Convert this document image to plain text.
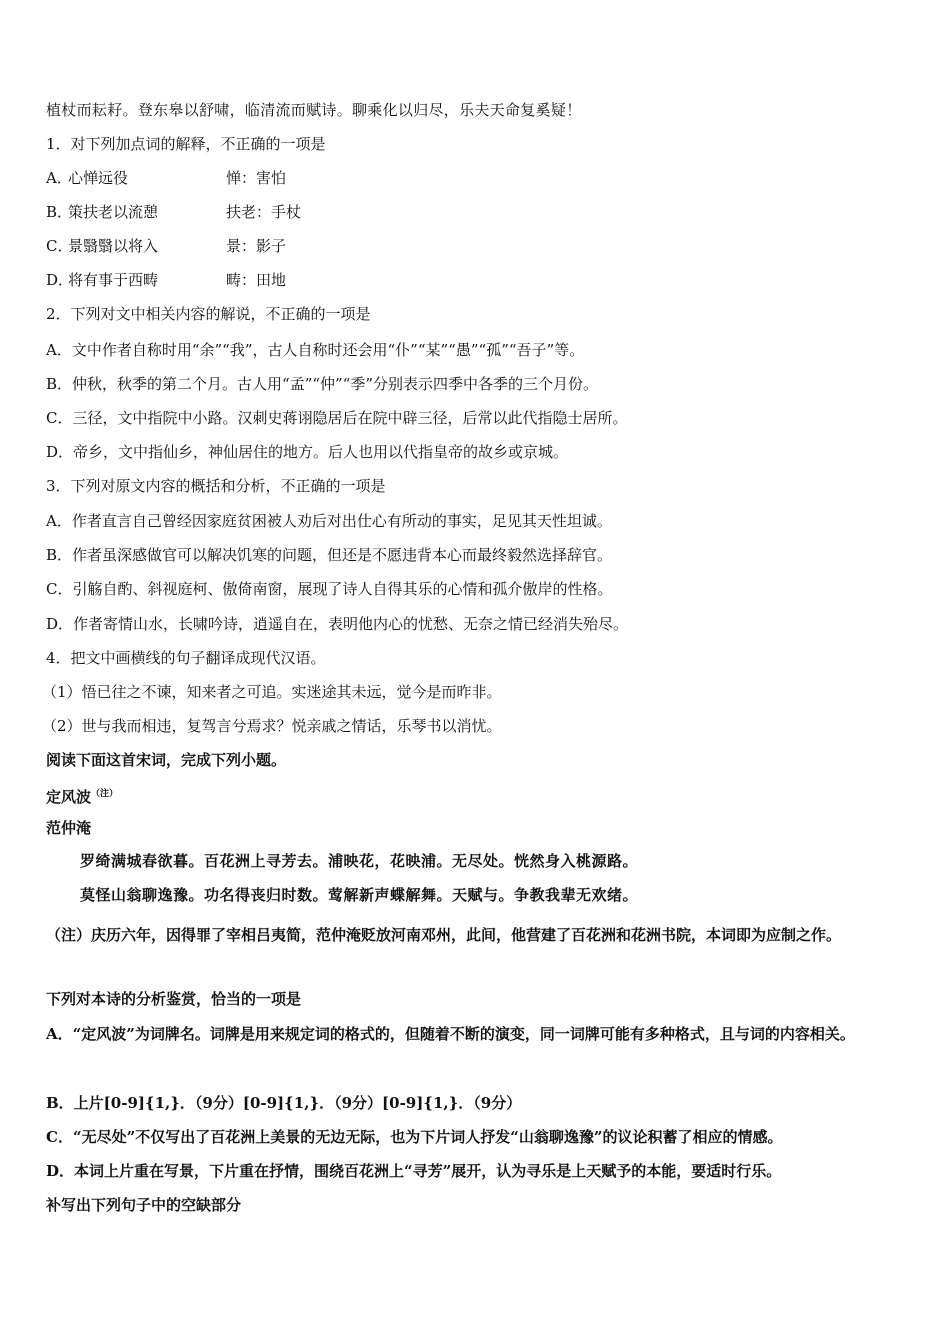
植杖而耘耔。登东皋以舒啸，临清流而赋诗。聊乘化以归尽，乐夫天命复奚疑！

1．对下列加点词的解释，不正确的一项是

A．
心惮远役	惮：害怕
B．
策扶老以流憩	扶老：手杖
C．
景翳翳以将入	景：影子
D．
将有事于西畴	畴：田地

2．下列对文中相关内容的解说，不正确的一项是

A．文中作者自称时用“余”“我”，古人自称时还会用“仆”“某”“愚”“孤”“吾子”等。

B．仲秋，秋季的第二个月。古人用“孟”“仲”“季”分别表示四季中各季的三个月份。

C．三径，文中指院中小路。汉刺史蒋诩隐居后在院中辟三径，后常以此代指隐士居所。

D．帝乡，文中指仙乡，神仙居住的地方。后人也用以代指皇帝的故乡或京城。

3．下列对原文内容的概括和分析，不正确的一项是

A．作者直言自己曾经因家庭贫困被人劝后对出仕心有所动的事实，足见其天性坦诚。

B．作者虽深感做官可以解决饥寒的问题，但还是不愿违背本心而最终毅然选择辞官。

C．引觞自酌、斜视庭柯、傲倚南窗，展现了诗人自得其乐的心情和孤介傲岸的性格。

D．作者寄情山水，长啸吟诗，逍遥自在，表明他内心的忧愁、无奈之情已经消失殆尽。

4．把文中画横线的句子翻译成现代汉语。

（1）悟已往之不谏，知来者之可追。实迷途其未远，觉今是而昨非。

（2）世与我而相违，复驾言兮焉求？悦亲戚之情话，乐琴书以消忧。

阅读下面这首宋词，完成下列小题。

定风波$^{(注)}$

范仲淹

罗绮满城春欲暮。百花洲上寻芳去。浦映花，花映浦。无尽处。恍然身入桃源路。

莫怪山翁聊逸豫。功名得丧归时数。莺解新声蝶解舞。天赋与。争教我辈无欢绪。

（注）庆历六年，因得罪了宰相吕夷简，范仲淹贬放河南邓州，此间，他营建了百花洲和花洲书院，本词即为应制之作。

下列对本诗的分析鉴赏，恰当的一项是

A．“定风波”为词牌名。词牌是用来规定词的格式的，但随着不断的演变，同一词牌可能有多种格式，且与词的内容相关。

B．上片[0-9]{1,}．（9分）[0-9]{1,}．（9分）[0-9]{1,}．（9分）

C．“无尽处”不仅写出了百花洲上美景的无边无际，也为下片词人抒发“山翁聊逸豫”的议论积蓄了相应的情感。

D．本词上片重在写景，下片重在抒情，围绕百花洲上“寻芳”展开，认为寻乐是上天赋予的本能，要适时行乐。

补写出下列句子中的空缺部分
